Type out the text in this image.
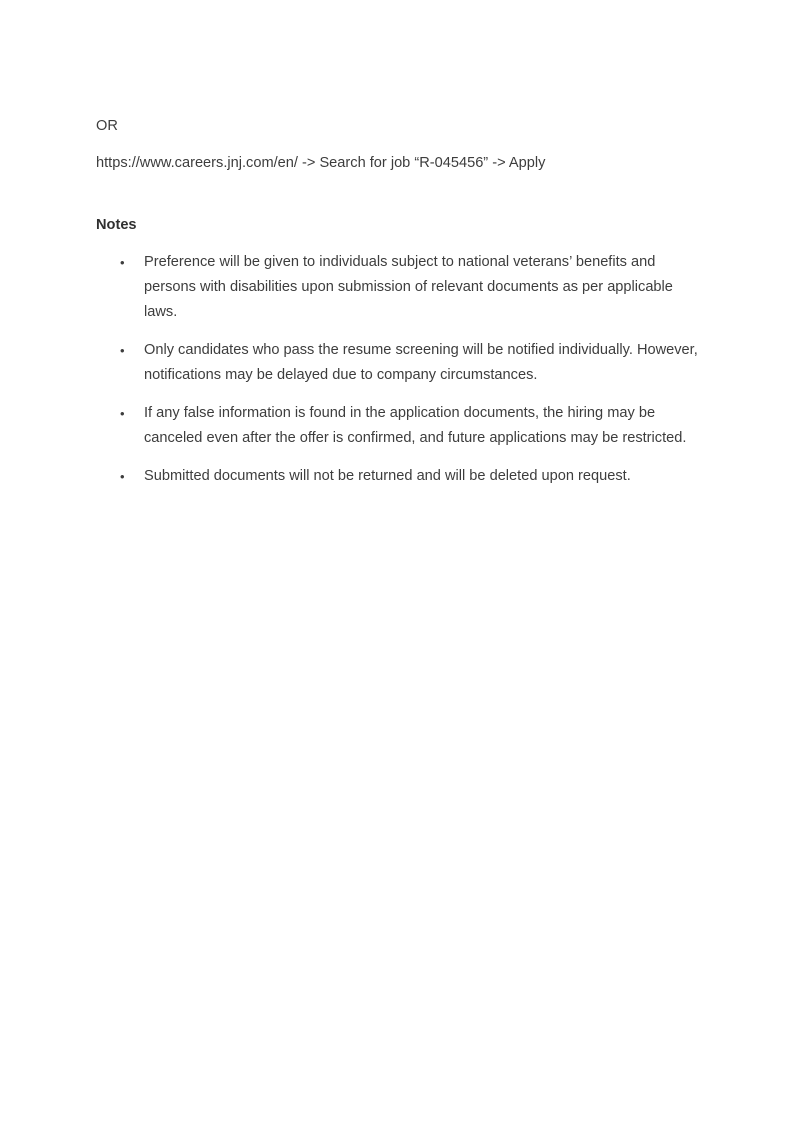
OR

https://www.careers.jnj.com/en/ -> Search for job “R-045456” -> Apply

Notes
• Preference will be given to individuals subject to national veterans’ benefits and persons with disabilities upon submission of relevant documents as per applicable laws.
• Only candidates who pass the resume screening will be notified individually. However, notifications may be delayed due to company circumstances.
• If any false information is found in the application documents, the hiring may be canceled even after the offer is confirmed, and future applications may be restricted.
• Submitted documents will not be returned and will be deleted upon request.
